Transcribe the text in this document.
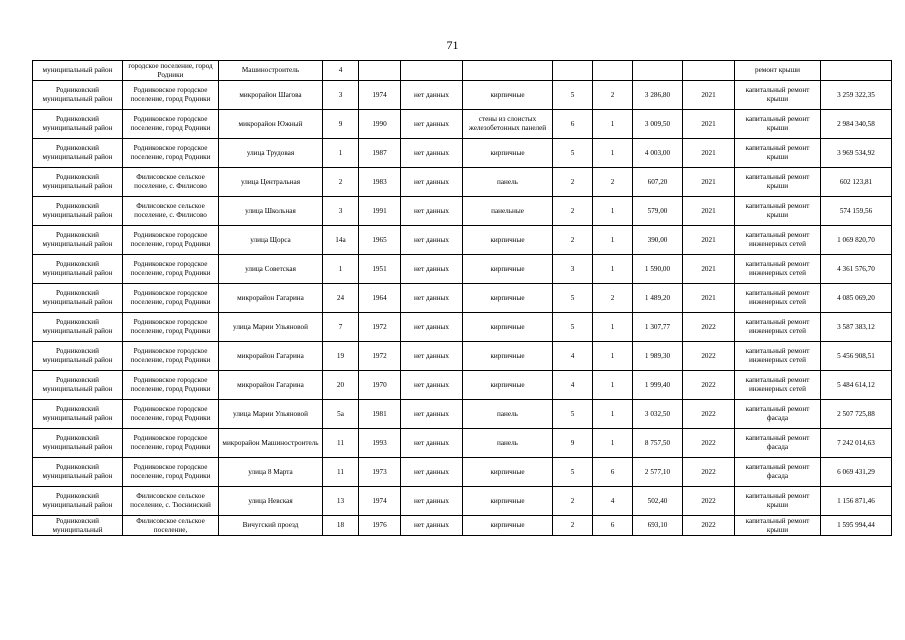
71
муниципальный район	городское поселение, город Родники	Машиностроитель	4								ремонт крыши	
Родниковский муниципальный район	Родниковское городское поселение, город Родники	микрорайон Шагова	3	1974	нет данных	кирпичные	5	2	3 286,80	2021	капитальный ремонт крыши	3 259 322,35
Родниковский муниципальный район	Родниковское городское поселение, город Родники	микрорайон Южный	9	1990	нет данных	стены из слоистых железобетонных панелей	6	1	3 009,50	2021	капитальный ремонт крыши	2 984 340,58
Родниковский муниципальный район	Родниковское городское поселение, город Родники	улица Трудовая	1	1987	нет данных	кирпичные	5	1	4 003,00	2021	капитальный ремонт крыши	3 969 534,92
Родниковский муниципальный район	Филисовское сельское поселение, с. Филисово	улица Центральная	2	1983	нет данных	панель	2	2	607,20	2021	капитальный ремонт крыши	602 123,81
Родниковский муниципальный район	Филисовское сельское поселение, с. Филисово	улица Школьная	3	1991	нет данных	панельные	2	1	579,00	2021	капитальный ремонт крыши	574 159,56
Родниковский муниципальный район	Родниковское городское поселение, город Родники	улица Щорса	14а	1965	нет данных	кирпичные	2	1	390,00	2021	капитальный ремонт инженерных сетей	1 069 820,70
Родниковский муниципальный район	Родниковское городское поселение, город Родники	улица Советская	1	1951	нет данных	кирпичные	3	1	1 590,00	2021	капитальный ремонт инженерных сетей	4 361 576,70
Родниковский муниципальный район	Родниковское городское поселение, город Родники	микрорайон Гагарина	24	1964	нет данных	кирпичные	5	2	1 489,20	2021	капитальный ремонт инженерных сетей	4 085 069,20
Родниковский муниципальный район	Родниковское городское поселение, город Родники	улица Марии Ульяновой	7	1972	нет данных	кирпичные	5	1	1 307,77	2022	капитальный ремонт инженерных сетей	3 587 383,12
Родниковский муниципальный район	Родниковское городское поселение, город Родники	микрорайон Гагарина	19	1972	нет данных	кирпичные	4	1	1 989,30	2022	капитальный ремонт инженерных сетей	5 456 908,51
Родниковский муниципальный район	Родниковское городское поселение, город Родники	микрорайон Гагарина	20	1970	нет данных	кирпичные	4	1	1 999,40	2022	капитальный ремонт инженерных сетей	5 484 614,12
Родниковский муниципальный район	Родниковское городское поселение, город Родники	улица Марии Ульяновой	5а	1981	нет данных	панель	5	1	3 032,50	2022	капитальный ремонт фасада	2 507 725,88
Родниковский муниципальный район	Родниковское городское поселение, город Родники	микрорайон Машиностроитель	11	1993	нет данных	панель	9	1	8 757,50	2022	капитальный ремонт фасада	7 242 014,63
Родниковский муниципальный район	Родниковское городское поселение, город Родники	улица 8 Марта	11	1973	нет данных	кирпичные	5	6	2 577,10	2022	капитальный ремонт фасада	6 069 431,29
Родниковский муниципальный район	Филисовское сельское поселение, с. Тюснинский	улица Невская	13	1974	нет данных	кирпичные	2	4	502,40	2022	капитальный ремонт крыши	1 156 871,46
Родниковский муниципальный	Филисовское сельское поселение,	Вичугский проезд	18	1976	нет данных	кирпичные	2	6	693,10	2022	капитальный ремонт крыши	1 595 994,44
